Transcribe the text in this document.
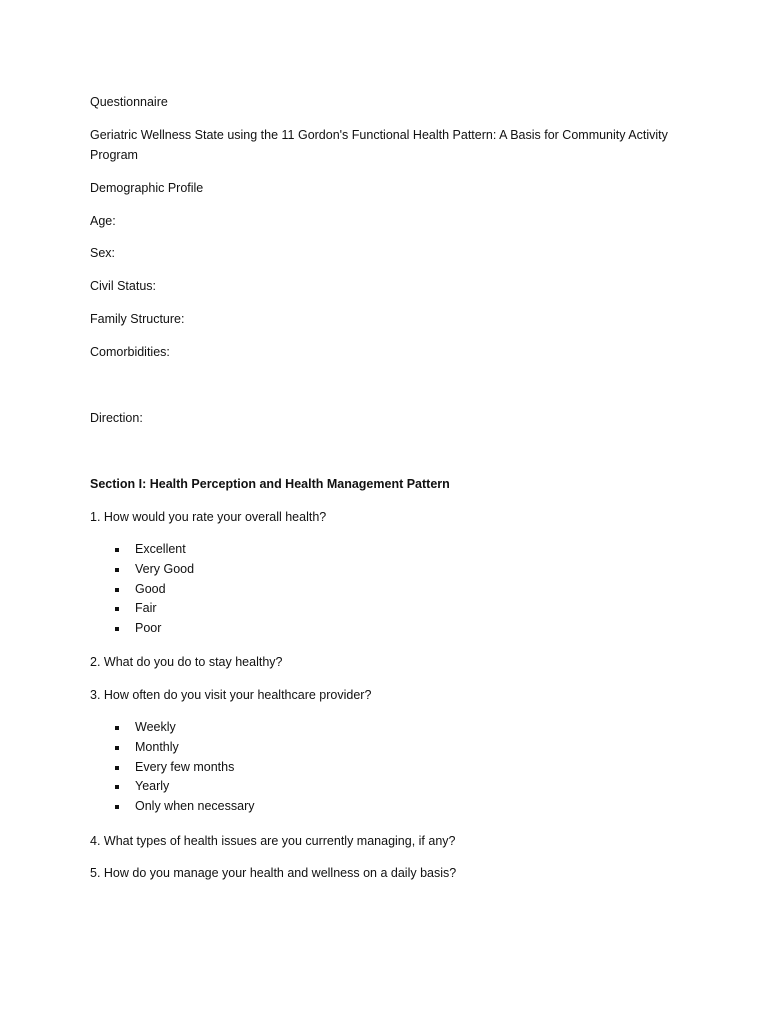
Questionnaire

Geriatric Wellness State using the 11 Gordon's Functional Health Pattern: A Basis for Community Activity Program

Demographic Profile

Age:

Sex:

Civil Status:

Family Structure:

Comorbidities:

Direction:

Section I: Health Perception and Health Management Pattern

1. How would you rate your overall health?

Excellent
Very Good
Good
Fair
Poor

2. What do you do to stay healthy?

3. How often do you visit your healthcare provider?

Weekly
Monthly
Every few months
Yearly
Only when necessary

4. What types of health issues are you currently managing, if any?

5. How do you manage your health and wellness on a daily basis?
